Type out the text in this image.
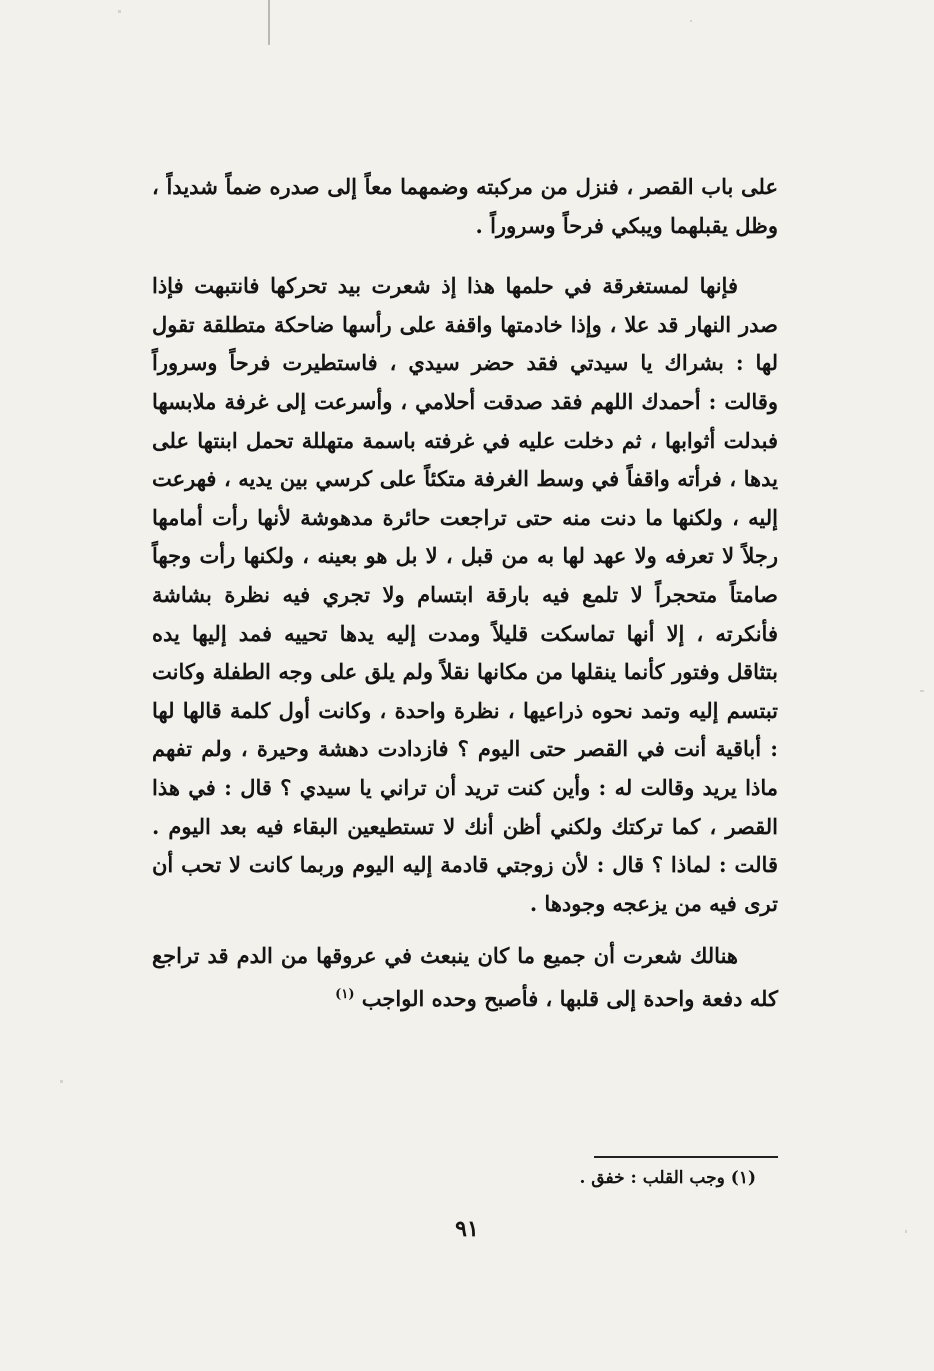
على باب القصر ، فنزل من مركبته وضمهما معاً إلى صدره ضماً شديداً ، وظل يقبلهما ويبكي فرحاً وسروراً .

فإنها لمستغرقة في حلمها هذا إذ شعرت بيد تحركها فانتبهت فإذا صدر النهار قد علا ، وإذا خادمتها واقفة على رأسها ضاحكة متطلقة تقول لها : بشراك يا سيدتي فقد حضر سيدي ، فاستطيرت فرحاً وسروراً وقالت : أحمدك اللهم فقد صدقت أحلامي ، وأسرعت إلى غرفة ملابسها فبدلت أثوابها ، ثم دخلت عليه في غرفته باسمة متهللة تحمل ابنتها على يدها ، فرأته واقفاً في وسط الغرفة متكئاً على كرسي بين يديه ، فهرعت إليه ، ولكنها ما دنت منه حتى تراجعت حائرة مدهوشة لأنها رأت أمامها رجلاً لا تعرفه ولا عهد لها به من قبل ، لا بل هو بعينه ، ولكنها رأت وجهاً صامتاً متحجراً لا تلمع فيه بارقة ابتسام ولا تجري فيه نظرة بشاشة فأنكرته ، إلا أنها تماسكت قليلاً ومدت إليه يدها تحييه فمد إليها يده بتثاقل وفتور كأنما ينقلها من مكانها نقلاً ولم يلق على وجه الطفلة وكانت تبتسم إليه وتمد نحوه ذراعيها ، نظرة واحدة ، وكانت أول كلمة قالها لها : أباقية أنت في القصر حتى اليوم ؟ فازدادت دهشة وحيرة ، ولم تفهم ماذا يريد وقالت له : وأين كنت تريد أن تراني يا سيدي ؟ قال : في هذا القصر ، كما تركتك ولكني أظن أنك لا تستطيعين البقاء فيه بعد اليوم . قالت : لماذا ؟ قال : لأن زوجتي قادمة إليه اليوم وربما كانت لا تحب أن ترى فيه من يزعجه وجودها .

هنالك شعرت أن جميع ما كان ينبعث في عروقها من الدم قد تراجع كله دفعة واحدة إلى قلبها ، فأصبح وحده الواجب $^{(١)}$

(١) وجب القلب : خفق .
٩١
